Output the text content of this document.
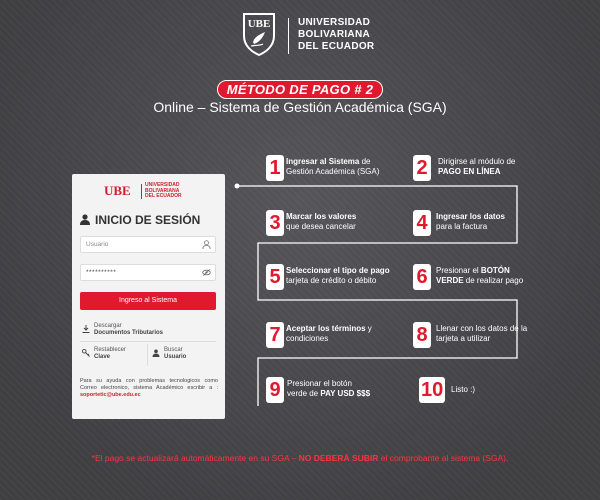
UBE	UNIVERSIDAD
BOLIVARIANA
DEL ECUADOR
MÉTODO DE PAGO # 2
Online – Sistema de Gestión Académica (SGA)
UBE	UNIVERSIDAD
BOLIVARIANA
DEL ECUADOR
INICIO DE SESIÓN
Usuario
**********
Ingreso al Sistema
Descargar
Documentos Tributarios
Restablecer
Clave
Buscar
Usuario
Para su ayuda con problemas tecnologicos como Correo electronico, sistema Académico escribir a : soportetic@ube.edu.ec
1 Ingresar al Sistema de
Gestión Académica (SGA) 2	Dirigirse al módulo de
PAGO EN LÍNEA
3 Marcar los valores
que desea cancelar	4	Ingresar los datos
para la factura
5 Seleccionar el tipo de pago
tarjeta de crédito o débito	6	Presionar el BOTÓN
VERDE de realizar pago
7 Aceptar los términos y
condiciones	8	Llenar con los datos de la
tarjeta a utilizar
9 Presionar el botón
verde de PAY USD $$$	10 Listo :)
*El pago se actualizará automáticamente en su SGA – NO DEBERÁ SUBIR el comprobante al sistema (SGA).
